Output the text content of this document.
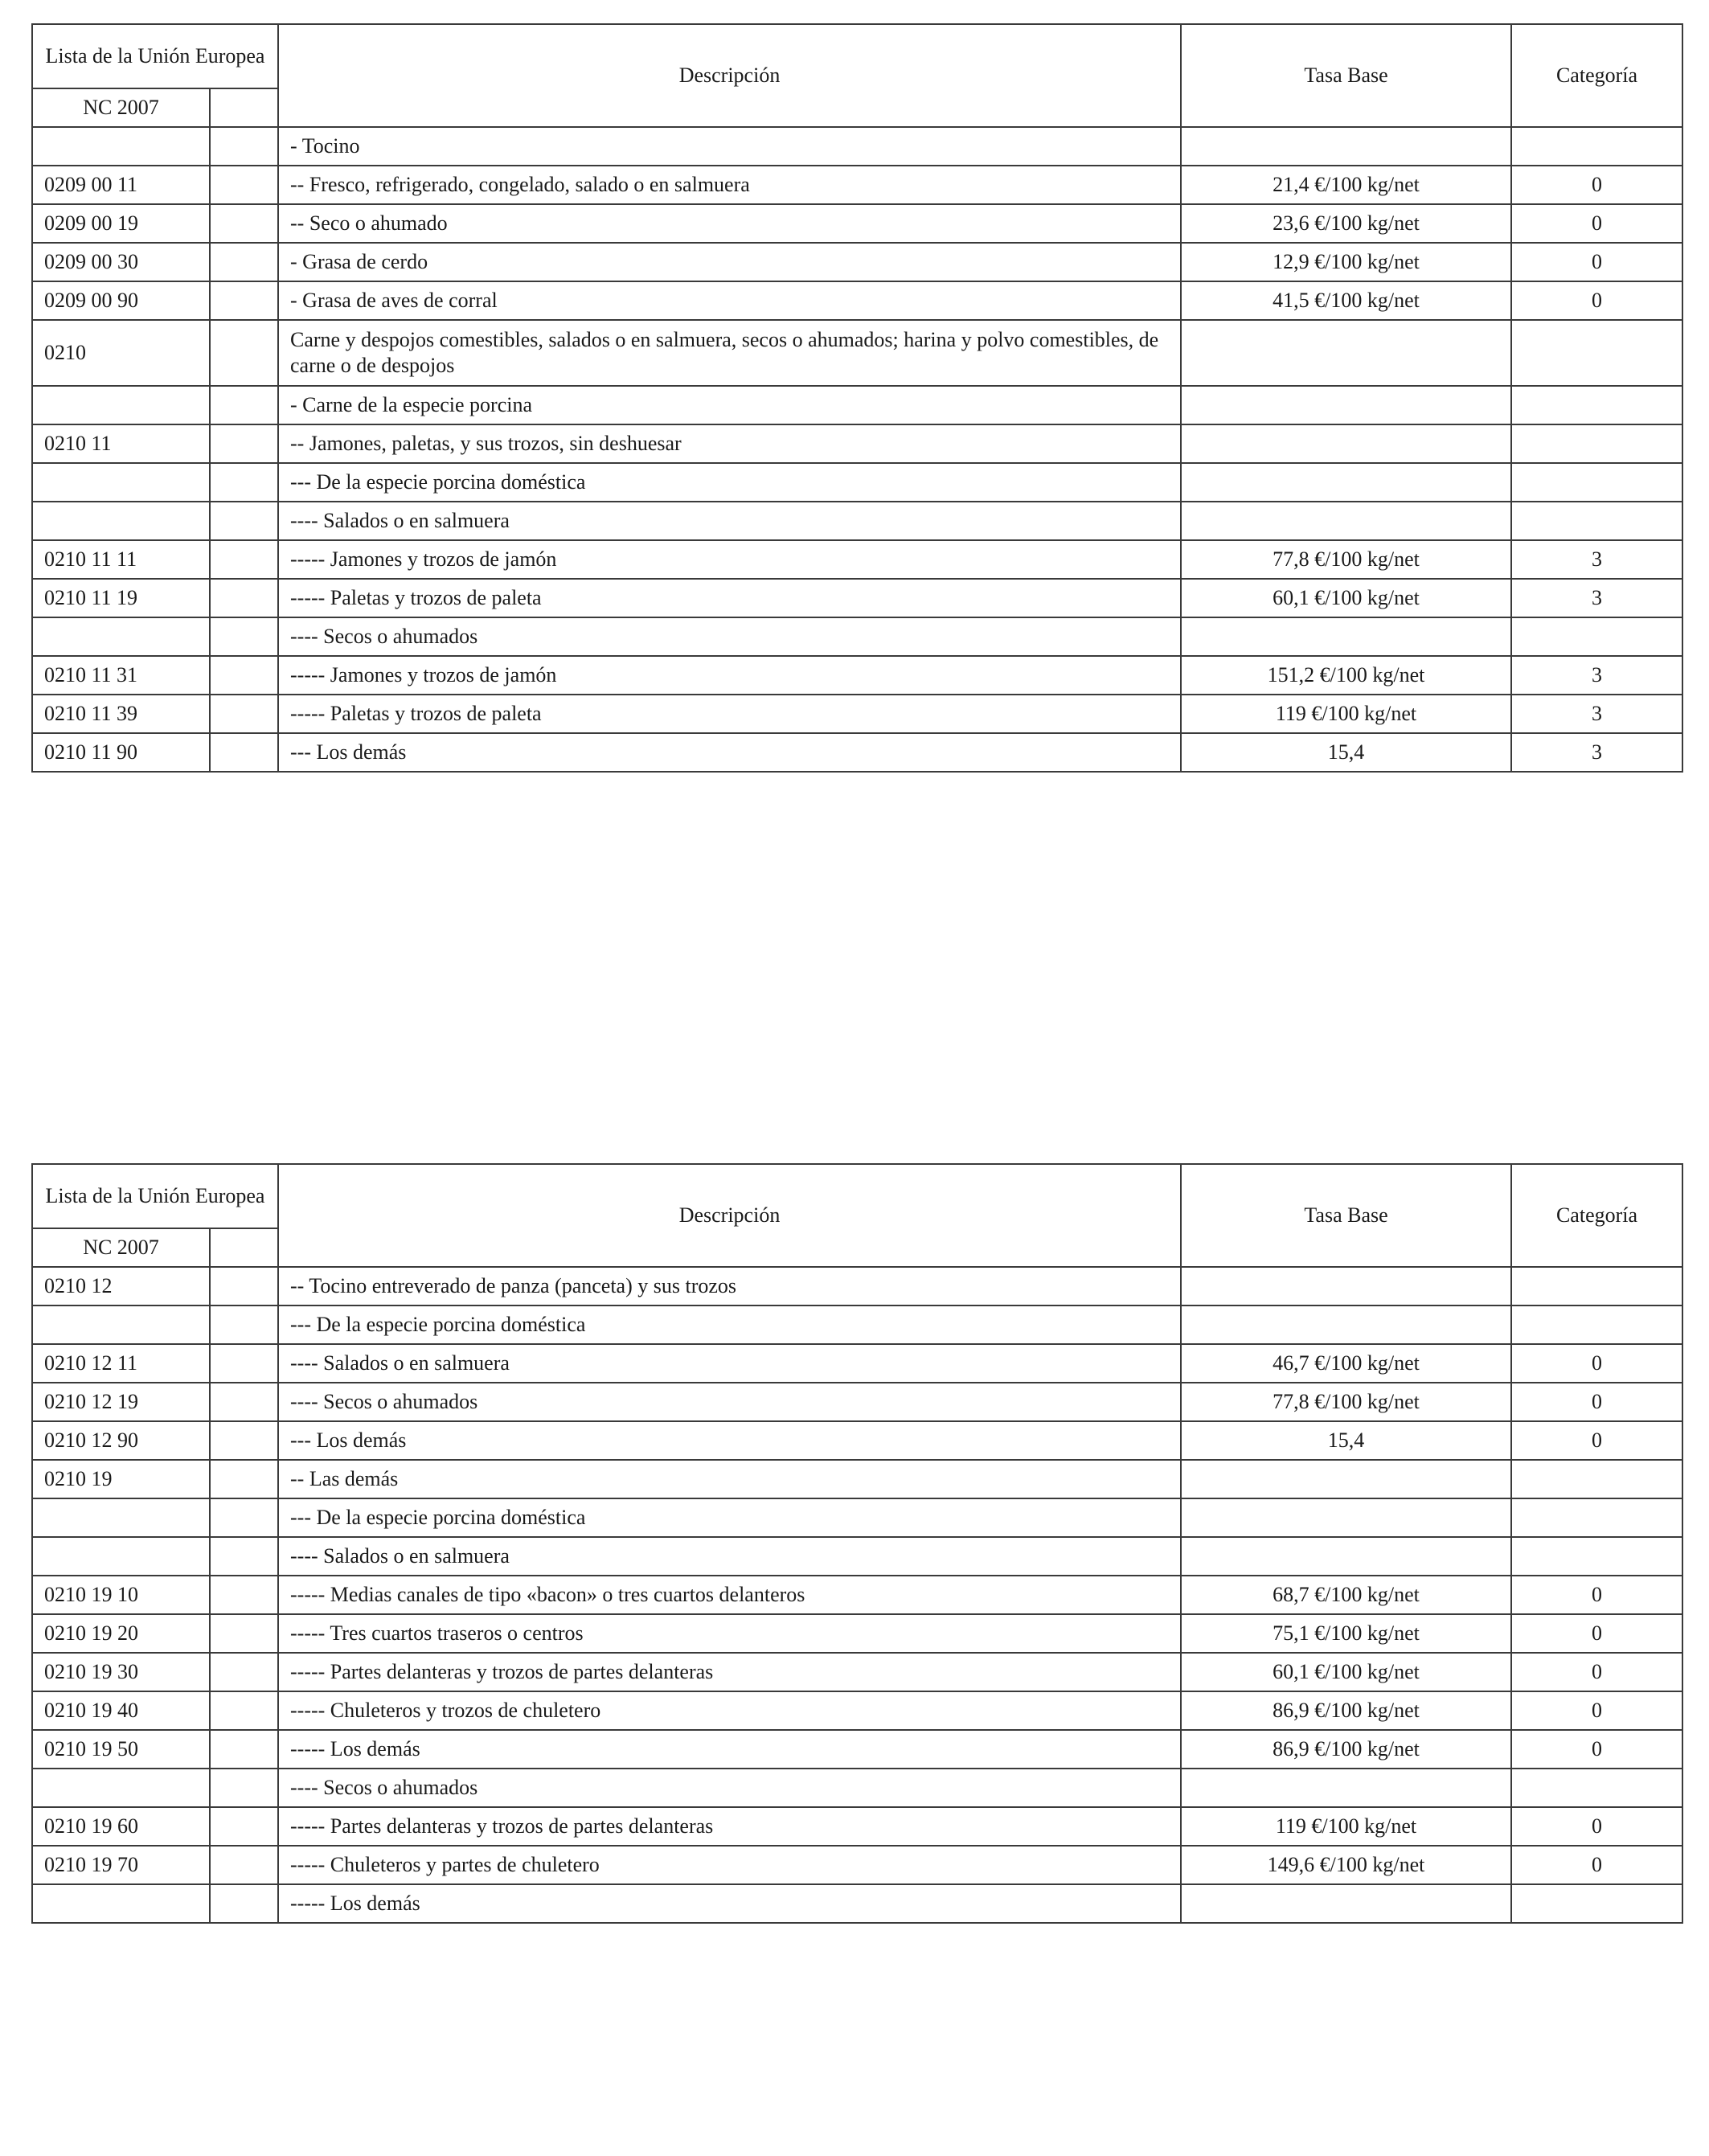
Lista de la Unión Europea		Descripción	Tasa Base	Categoría
NC 2007				
		- Tocino		
0209 00 11		-- Fresco, refrigerado, congelado, salado o en salmuera	21,4 €/100 kg/net	0
0209 00 19		-- Seco o ahumado	23,6 €/100 kg/net	0
0209 00 30		- Grasa de cerdo	12,9 €/100 kg/net	0
0209 00 90		- Grasa de aves de corral	41,5 €/100 kg/net	0
0210		Carne y despojos comestibles, salados o en salmuera, secos o ahumados; harina y polvo comestibles, de carne o de despojos		
		- Carne de la especie porcina		
0210 11		-- Jamones, paletas, y sus trozos, sin deshuesar		
		--- De la especie porcina doméstica		
		---- Salados o en salmuera		
0210 11 11		----- Jamones y trozos de jamón	77,8 €/100 kg/net	3
0210 11 19		----- Paletas y trozos de paleta	60,1 €/100 kg/net	3
		---- Secos o ahumados		
0210 11 31		----- Jamones y trozos de jamón	151,2 €/100 kg/net	3
0210 11 39		----- Paletas y trozos de paleta	119 €/100 kg/net	3
0210 11 90		--- Los demás	15,4	3
Lista de la Unión Europea		Descripción	Tasa Base	Categoría
NC 2007				
0210 12		-- Tocino entreverado de panza (panceta) y sus trozos		
		--- De la especie porcina doméstica		
0210 12 11		---- Salados o en salmuera	46,7 €/100 kg/net	0
0210 12 19		---- Secos o ahumados	77,8 €/100 kg/net	0
0210 12 90		--- Los demás	15,4	0
0210 19		-- Las demás		
		--- De la especie porcina doméstica		
		---- Salados o en salmuera		
0210 19 10		----- Medias canales de tipo «bacon» o tres cuartos delanteros	68,7 €/100 kg/net	0
0210 19 20		----- Tres cuartos traseros o centros	75,1 €/100 kg/net	0
0210 19 30		----- Partes delanteras y trozos de partes delanteras	60,1 €/100 kg/net	0
0210 19 40		----- Chuleteros y trozos de chuletero	86,9 €/100 kg/net	0
0210 19 50		----- Los demás	86,9 €/100 kg/net	0
		---- Secos o ahumados		
0210 19 60		----- Partes delanteras y trozos de partes delanteras	119 €/100 kg/net	0
0210 19 70		----- Chuleteros y partes de chuletero	149,6 €/100 kg/net	0
		----- Los demás		
